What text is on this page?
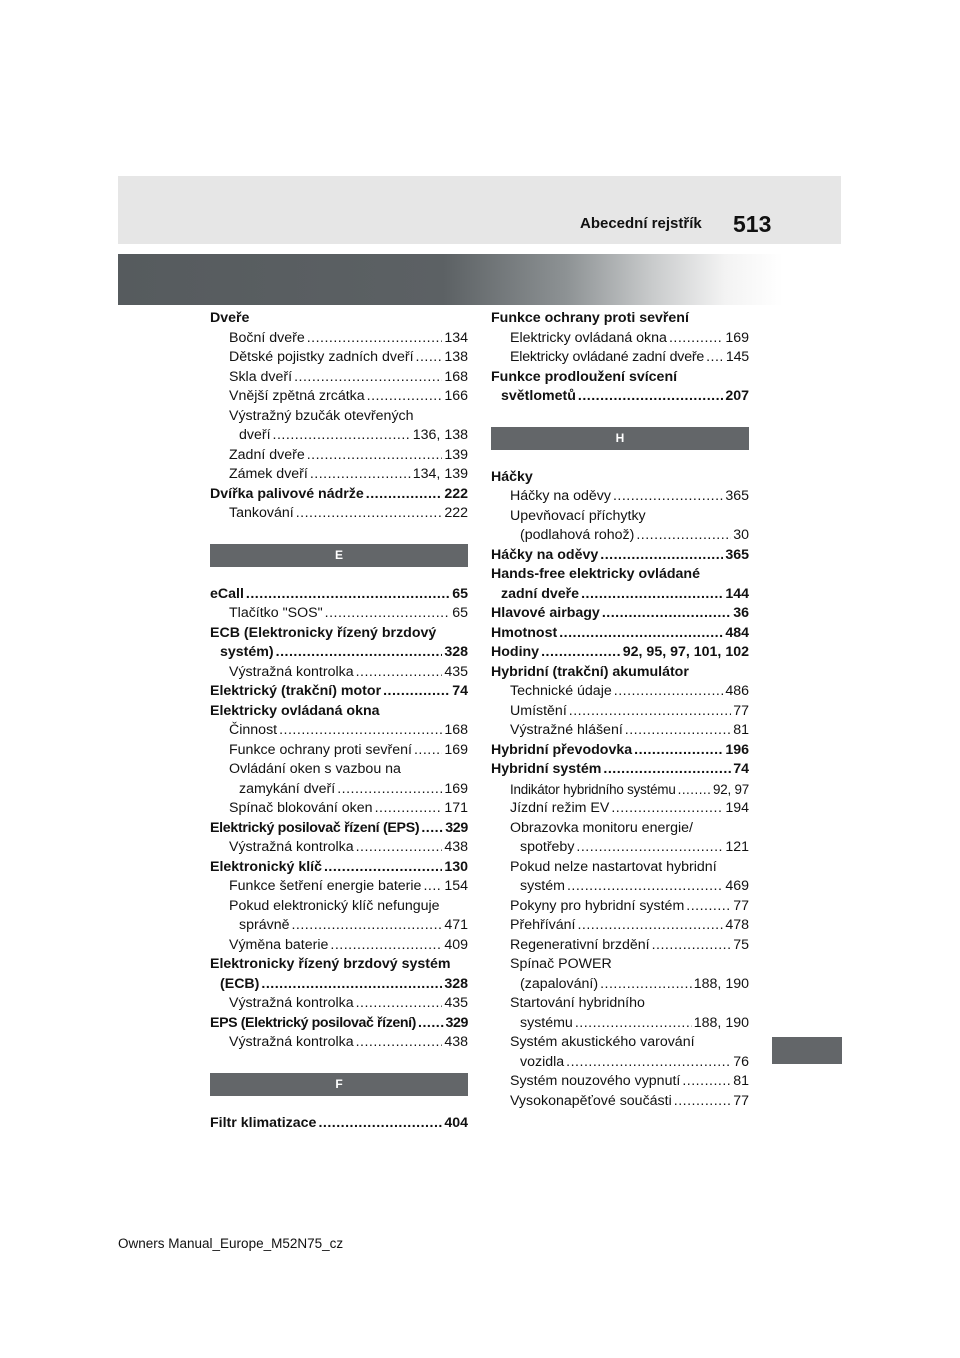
Abecední rejstřík 513
Dveře
Boční dveře .....	134
Dětské pojistky zadních dveří ..... 138
Skla dveří .....	168
Vnější zpětná zrcátka .....	166
Výstražný bzučák otevřených
dveří .....	136, 138
Zadní dveře .....	139
Zámek dveří .....	134, 139
Dvířka palivové nádrže .....	222
Tankování .....	222
E
eCall .....	65
Tlačítko "SOS" .....	65
ECB (Elektronicky řízený brzdový
systém) .....	328
Výstražná kontrolka .....	435
Elektrický (trakční) motor .....	74
Elektricky ovládaná okna
Činnost .....	168
Funkce ochrany proti sevření ..... 169
Ovládání oken s vazbou na
zamykání dveří .....	169
Spínač blokování oken .....	171
Elektrický posilovač řízení (EPS) ..... 329
Výstražná kontrolka .....	438
Elektronický klíč .....	130
Funkce šetření energie baterie ..... 154
Pokud elektronický klíč nefunguje
správně .....	471
Výměna baterie .....	409
Elektronicky řízený brzdový systém
(ECB) .....	328
Výstražná kontrolka .....	435
EPS (Elektrický posilovač řízení) ..... 329
Výstražná kontrolka .....	438
F
Filtr klimatizace .....	404
Funkce ochrany proti sevření
Elektricky ovládaná okna .....	169
Elektricky ovládané zadní dveře ..... 145
Funkce prodloužení svícení
světlometů .....	207
H
Háčky
Háčky na oděvy .....	365
Upevňovací příchytky
(podlahová rohož) .....	30
Háčky na oděvy .....	365
Hands-free elektricky ovládané
zadní dveře .....	144
Hlavové airbagy .....	36
Hmotnost .....	484
Hodiny .....	92, 95, 97, 101, 102
Hybridní (trakční) akumulátor
Technické údaje .....	486
Umístění .....	77
Výstražné hlášení .....	81
Hybridní převodovka .....	196
Hybridní systém .....	74
Indikátor hybridního systému .....	92, 97
Jízdní režim EV .....	194
Obrazovka monitoru energie/
spotřeby .....	121
Pokud nelze nastartovat hybridní
systém .....	469
Pokyny pro hybridní systém .....	77
Přehřívání .....	478
Regenerativní brzdění .....	75
Spínač POWER
(zapalování) .....	188, 190
Startování hybridního
systému .....	188, 190
Systém akustického varování
vozidla .....	76
Systém nouzového vypnutí .....	81
Vysokonapěťové součásti .....	77
Owners Manual_Europe_M52N75_cz
